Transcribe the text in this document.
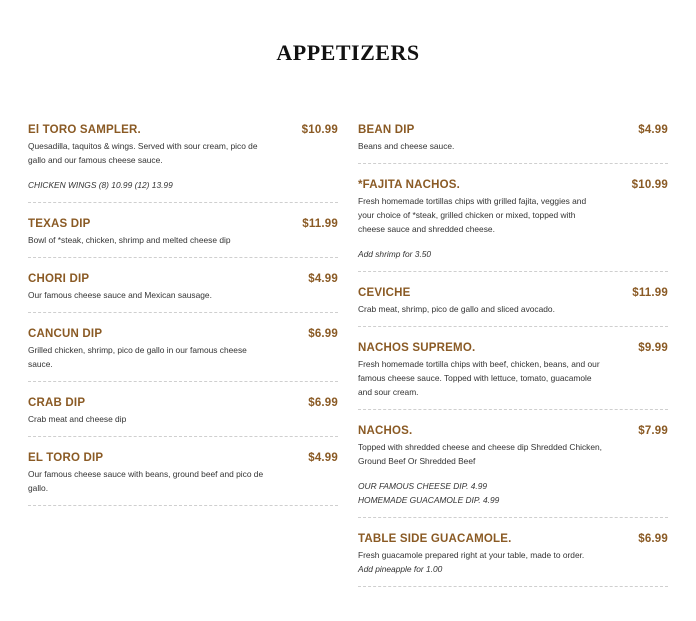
APPETIZERS
El TORO SAMPLER.	$10.99
Quesadilla, taquitos & wings. Served with sour cream, pico de gallo and our famous cheese sauce.
CHICKEN WINGS (8) 10.99 (12) 13.99
TEXAS DIP	$11.99
Bowl of *steak, chicken, shrimp and melted cheese dip
CHORI DIP	$4.99
Our famous cheese sauce and Mexican sausage.
CANCUN DIP	$6.99
Grilled chicken, shrimp, pico de gallo in our famous cheese sauce.
CRAB DIP	$6.99
Crab meat and cheese dip
EL TORO DIP	$4.99
Our famous cheese sauce with beans, ground beef and pico de gallo.
BEAN DIP	$4.99
Beans and cheese sauce.
*FAJITA NACHOS.	$10.99
Fresh homemade tortillas chips with grilled fajita, veggies and your choice of *steak, grilled chicken or mixed, topped with cheese sauce and shredded cheese.
Add shrimp for 3.50
CEVICHE	$11.99
Crab meat, shrimp, pico de gallo and sliced avocado.
NACHOS SUPREMO.	$9.99
Fresh homemade tortilla chips with beef, chicken, beans, and our famous cheese sauce. Topped with lettuce, tomato, guacamole and sour cream.
NACHOS.	$7.99
Topped with shredded cheese and cheese dip Shredded Chicken, Ground Beef Or Shredded Beef
OUR FAMOUS CHEESE DIP. 4.99
HOMEMADE GUACAMOLE DIP. 4.99
TABLE SIDE GUACAMOLE.	$6.99
Fresh guacamole prepared right at your table, made to order.
Add pineapple for 1.00
